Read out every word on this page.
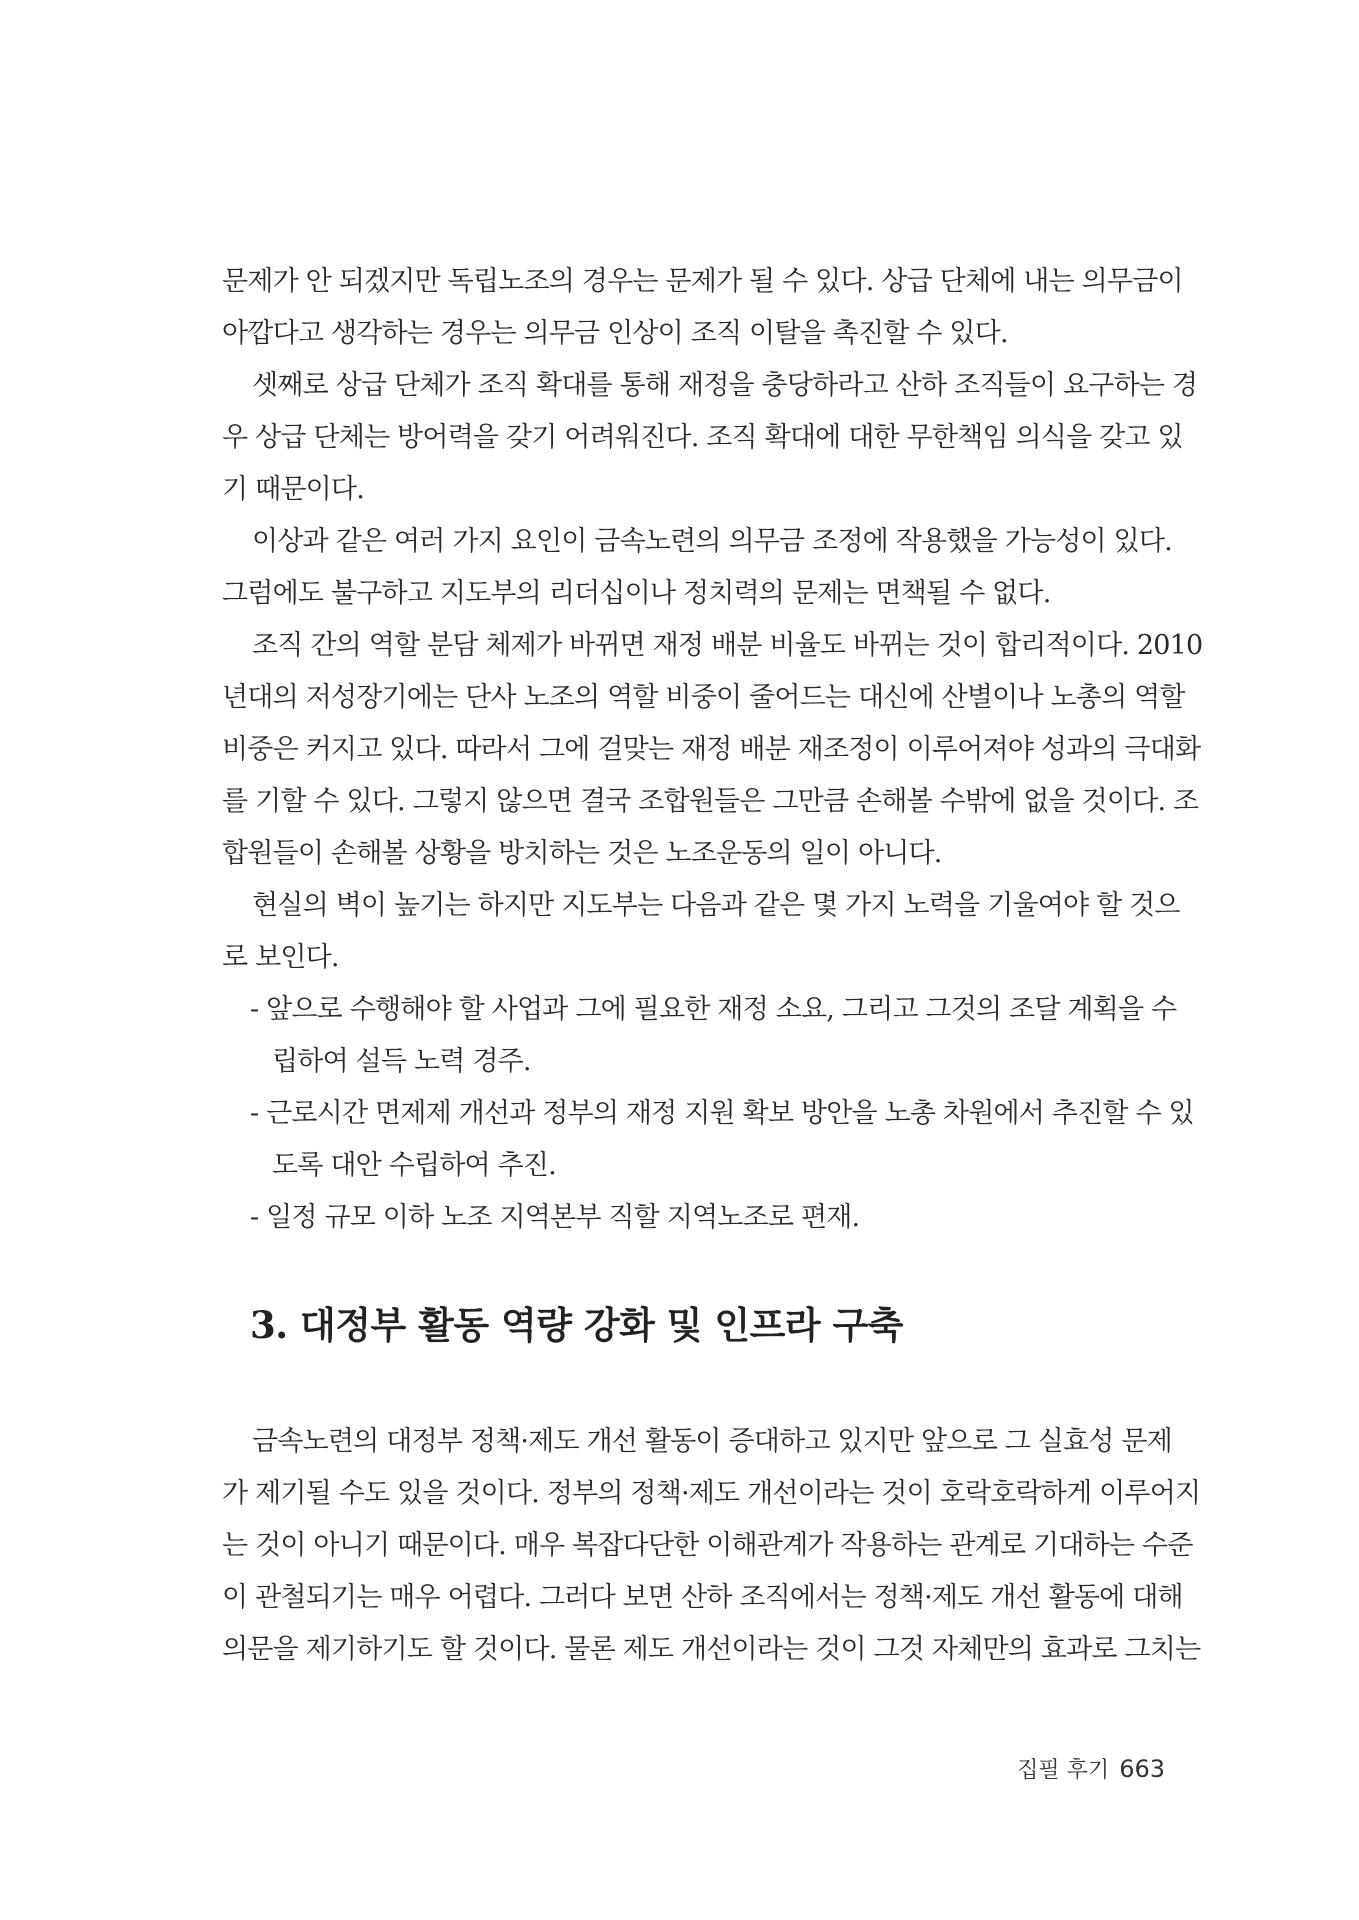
문제가 안 되겠지만 독립노조의 경우는 문제가 될 수 있다. 상급 단체에 내는 의무금이
아깝다고 생각하는 경우는 의무금 인상이 조직 이탈을 촉진할 수 있다.
셋째로 상급 단체가 조직 확대를 통해 재정을 충당하라고 산하 조직들이 요구하는 경
우 상급 단체는 방어력을 갖기 어려워진다. 조직 확대에 대한 무한책임 의식을 갖고 있
기 때문이다.
이상과 같은 여러 가지 요인이 금속노련의 의무금 조정에 작용했을 가능성이 있다.
그럼에도 불구하고 지도부의 리더십이나 정치력의 문제는 면책될 수 없다.
조직 간의 역할 분담 체제가 바뀌면 재정 배분 비율도 바뀌는 것이 합리적이다. 2010
년대의 저성장기에는 단사 노조의 역할 비중이 줄어드는 대신에 산별이나 노총의 역할
비중은 커지고 있다. 따라서 그에 걸맞는 재정 배분 재조정이 이루어져야 성과의 극대화
를 기할 수 있다. 그렇지 않으면 결국 조합원들은 그만큼 손해볼 수밖에 없을 것이다. 조
합원들이 손해볼 상황을 방치하는 것은 노조운동의 일이 아니다.
현실의 벽이 높기는 하지만 지도부는 다음과 같은 몇 가지 노력을 기울여야 할 것으
로 보인다.
- 앞으로 수행해야 할 사업과 그에 필요한 재정 소요, 그리고 그것의 조달 계획을 수
립하여 설득 노력 경주.
- 근로시간 면제제 개선과 정부의 재정 지원 확보 방안을 노총 차원에서 추진할 수 있
도록 대안 수립하여 추진.
- 일정 규모 이하 노조 지역본부 직할 지역노조로 편재.
3. 대정부 활동 역량 강화 및 인프라 구축
금속노련의 대정부 정책·제도 개선 활동이 증대하고 있지만 앞으로 그 실효성 문제
가 제기될 수도 있을 것이다. 정부의 정책·제도 개선이라는 것이 호락호락하게 이루어지
는 것이 아니기 때문이다. 매우 복잡다단한 이해관계가 작용하는 관계로 기대하는 수준
이 관철되기는 매우 어렵다. 그러다 보면 산하 조직에서는 정책·제도 개선 활동에 대해
의문을 제기하기도 할 것이다. 물론 제도 개선이라는 것이 그것 자체만의 효과로 그치는
집필 후기 663
